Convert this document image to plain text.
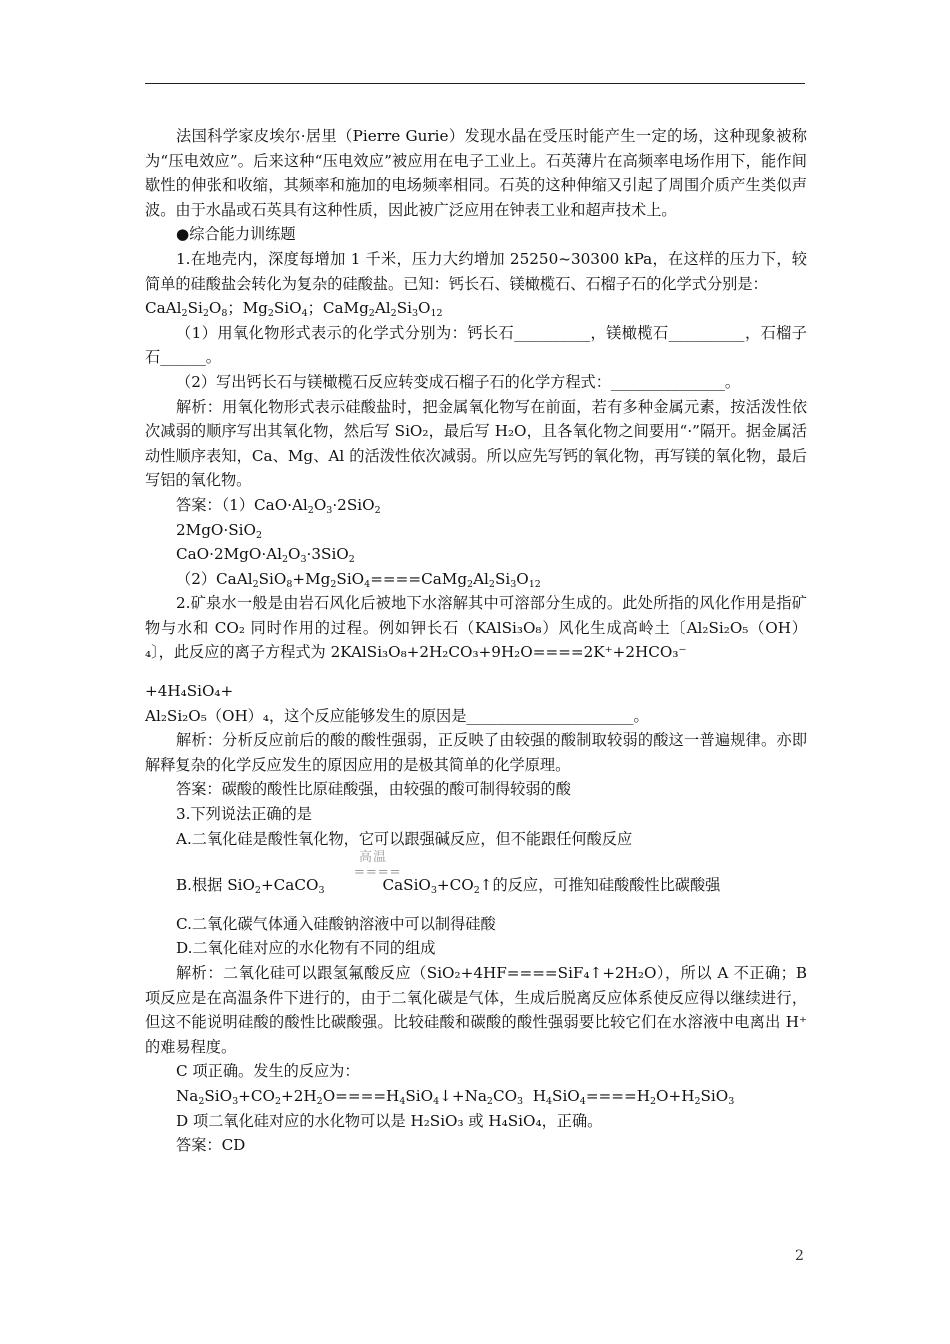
法国科学家皮埃尔·居里（Pierre Gurie）发现水晶在受压时能产生一定的场，这种现象被称为“压电效应”。后来这种“压电效应”被应用在电子工业上。石英薄片在高频率电场作用下，能作间歇性的伸张和收缩，其频率和施加的电场频率相同。石英的这种伸缩又引起了周围介质产生类似声波。由于水晶或石英具有这种性质，因此被广泛应用在钟表工业和超声技术上。

●综合能力训练题

1.在地壳内，深度每增加 1 千米，压力大约增加 25250~30300 kPa，在这样的压力下，较简单的硅酸盐会转化为复杂的硅酸盐。已知：钙长石、镁橄榄石、石榴子石的化学式分别是：

$CaAl_2Si_2O_8$；$Mg_2SiO_4$；$CaMg_2Al_2Si_3O_{12}$

（1）用氧化物形式表示的化学式分别为：钙长石__________，镁橄榄石__________，石榴子石______。

（2）写出钙长石与镁橄榄石反应转变成石榴子石的化学方程式：_______________。

解析：用氧化物形式表示硅酸盐时，把金属氧化物写在前面，若有多种金属元素，按活泼性依次减弱的顺序写出其氧化物，然后写 SiO₂，最后写 H₂O，且各氧化物之间要用“·”隔开。据金属活动性顺序表知，Ca、Mg、Al 的活泼性依次减弱。所以应先写钙的氧化物，再写镁的氧化物，最后写铝的氧化物。

答案：$(1)CaO\cdot Al_2O_3\cdot 2SiO_2$

2MgO·SiO$_2$

$CaO\cdot 2MgO\cdot Al_2O_3\cdot 3SiO_2$

$(2)CaAl_2SiO_8+Mg_2SiO_4====CaMg_2Al_2Si_3O_{12}$

2.矿泉水一般是由岩石风化后被地下水溶解其中可溶部分生成的。此处所指的风化作用是指矿物与水和 CO₂ 同时作用的过程。例如钾长石（KAlSi₃O₈）风化生成高岭土〔Al₂Si₂O₅（OH）₄〕，此反应的离子方程式为 2KAlSi₃O₈+2H₂CO₃+9H₂O====2K⁺+2HCO₃⁻

+4H₄SiO₄+

Al₂Si₂O₅（OH）₄，这个反应能够发生的原因是______________________。

解析：分析反应前后的酸的酸性强弱，正反映了由较强的酸制取较弱的酸这一普遍规律。亦即解释复杂的化学反应发生的原因应用的是极其简单的化学原理。

答案：碳酸的酸性比原硅酸强，由较强的酸可制得较弱的酸

3.下列说法正确的是

A.二氧化硅是酸性氧化物，它可以跟强碱反应，但不能跟任何酸反应

高温
====
B.根据 SiO$_2$+CaCO$_3$	$CaSiO_3+CO_2↑$的反应，可推知硅酸酸性比碳酸强

C.二氧化碳气体通入硅酸钠溶液中可以制得硅酸

D.二氧化硅对应的水化物有不同的组成

解析：二氧化硅可以跟氢氟酸反应（SiO₂+4HF====SiF₄↑+2H₂O），所以 A 不正确；B 项反应是在高温条件下进行的，由于二氧化碳是气体，生成后脱离反应体系使反应得以继续进行，但这不能说明硅酸的酸性比碳酸强。比较硅酸和碳酸的酸性强弱要比较它们在水溶液中电离出 H⁺的难易程度。

C 项正确。发生的反应为：

$Na_2SiO_3+CO_2+2H_2O====H_4SiO_4↓+Na_2CO_3$  $H_4SiO_4====H_2O+H_2SiO_3$

D 项二氧化硅对应的水化物可以是 H₂SiO₃ 或 H₄SiO₄，正确。

答案：CD

2
